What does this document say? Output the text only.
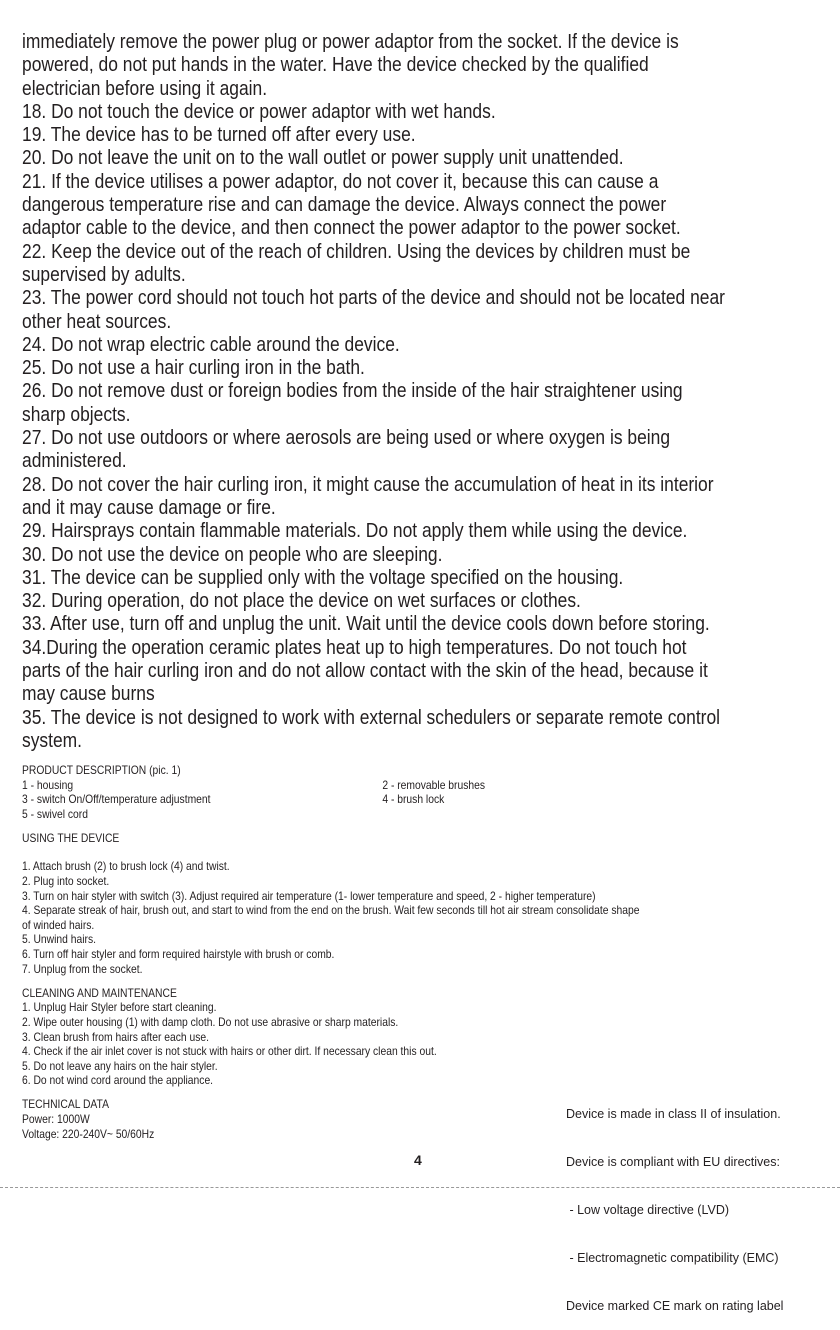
immediately remove the power plug or power adaptor from the socket. If the device is

powered, do not put hands in the water. Have the device checked by the qualified

electrician before using it again.

18. Do not touch the device or power adaptor with wet hands.

19. The device has to be turned off after every use.

20. Do not leave the unit on to the wall outlet or power supply unit unattended.

21. If the device utilises a power adaptor, do not cover it, because this can cause a

dangerous temperature rise and can damage the device. Always connect the power

adaptor cable to the device, and then connect the power adaptor to the power socket.

22. Keep the device out of the reach of children. Using the devices by children must be

supervised by adults.

23. The power cord should not touch hot parts of the device and should not be located near

other heat sources.

24. Do not wrap electric cable around the device.

25. Do not use a hair curling iron in the bath.

26. Do not remove dust or foreign bodies from the inside of the hair straightener using

sharp objects.

27. Do not use outdoors or where aerosols are being used or where oxygen is being

administered.

28. Do not cover the hair curling iron, it might cause the accumulation of heat in its interior

and it may cause damage or fire.

29. Hairsprays contain flammable materials. Do not apply them while using the device.

30. Do not use the device on people who are sleeping.

31. The device can be supplied only with the voltage specified on the housing.

32. During operation, do not place the device on wet surfaces or clothes.

33. After use, turn off and unplug the unit. Wait until the device cools down before storing.

34.During the operation ceramic plates heat up to high temperatures. Do not touch hot

parts of the hair curling iron and do not allow contact with the skin of the head, because it

may cause burns

35. The device is not designed to work with external schedulers or separate remote control

system.

PRODUCT DESCRIPTION (pic. 1)

1 - housing

3 - switch On/Off/temperature adjustment

5 - swivel cord

2 - removable brushes

4 - brush lock

USING THE DEVICE

1. Attach brush (2) to brush lock (4) and twist.

2. Plug into socket.

3. Turn on hair styler with switch (3). Adjust required air temperature (1- lower temperature and speed, 2 - higher temperature)

4. Separate streak of hair, brush out, and start to wind from the end on the brush. Wait few seconds till hot air stream consolidate shape

of winded hairs.

5. Unwind hairs.

6. Turn off hair styler and form required hairstyle with brush or comb.

7. Unplug from the socket.

CLEANING AND MAINTENANCE

1. Unplug Hair Styler before start cleaning.

2. Wipe outer housing (1) with damp cloth. Do not use abrasive or sharp materials.

3. Clean brush from hairs after each use.

4. Check if the air inlet cover is not stuck with hairs or other dirt. If necessary clean this out.

5. Do not leave any hairs on the hair styler.

6. Do not wind cord around the appliance.

TECHNICAL DATA

Power: 1000W

Voltage: 220-240V~ 50/60Hz

Device is made in class II of insulation.

Device is compliant with EU directives:

- Low voltage directive (LVD)

- Electromagnetic compatibility (EMC)

Device marked CE mark on rating label

4
